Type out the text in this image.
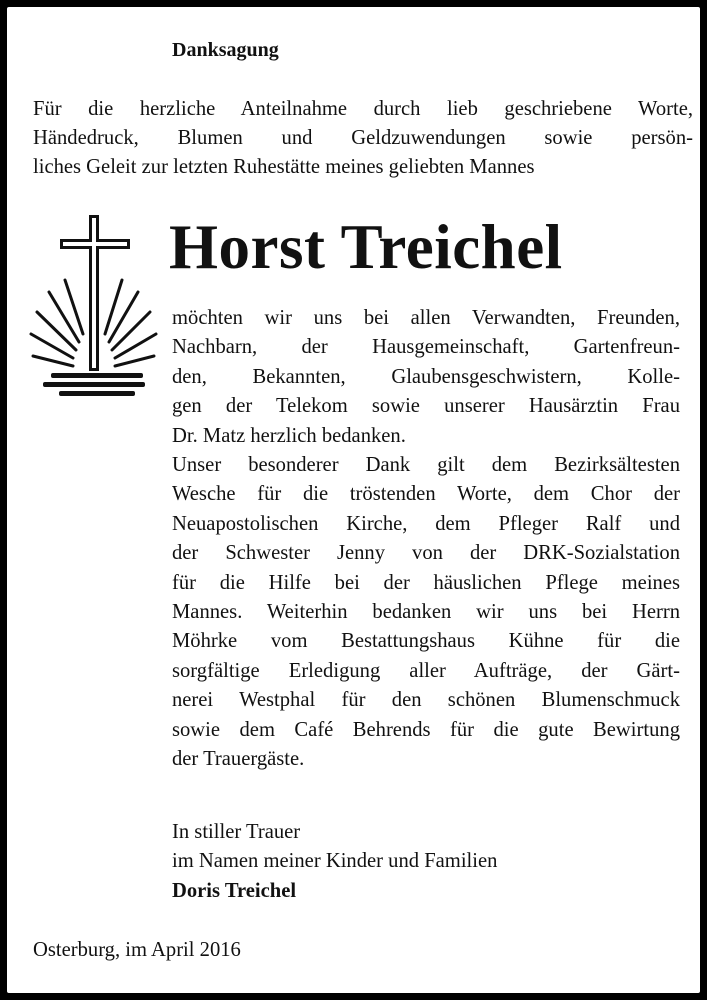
Danksagung
Für die herzliche Anteilnahme durch lieb geschriebene Worte,
Händedruck, Blumen und Geldzuwendungen sowie persön-
liches Geleit zur letzten Ruhestätte meines geliebten Mannes
Horst Treichel
möchten wir uns bei allen Verwandten, Freunden,
Nachbarn, der Hausgemeinschaft, Gartenfreun-
den, Bekannten, Glaubensgeschwistern, Kolle-
gen der Telekom sowie unserer Hausärztin Frau
Dr. Matz herzlich bedanken.
Unser besonderer Dank gilt dem Bezirksältesten
Wesche für die tröstenden Worte, dem Chor der
Neuapostolischen Kirche, dem Pfleger Ralf und
der Schwester Jenny von der DRK-Sozialstation
für die Hilfe bei der häuslichen Pflege meines
Mannes. Weiterhin bedanken wir uns bei Herrn
Möhrke vom Bestattungshaus Kühne für die
sorgfältige Erledigung aller Aufträge, der Gärt-
nerei Westphal für den schönen Blumenschmuck
sowie dem Café Behrends für die gute Bewirtung
der Trauergäste.
In stiller Trauer
im Namen meiner Kinder und Familien
Doris Treichel
Osterburg, im April 2016
